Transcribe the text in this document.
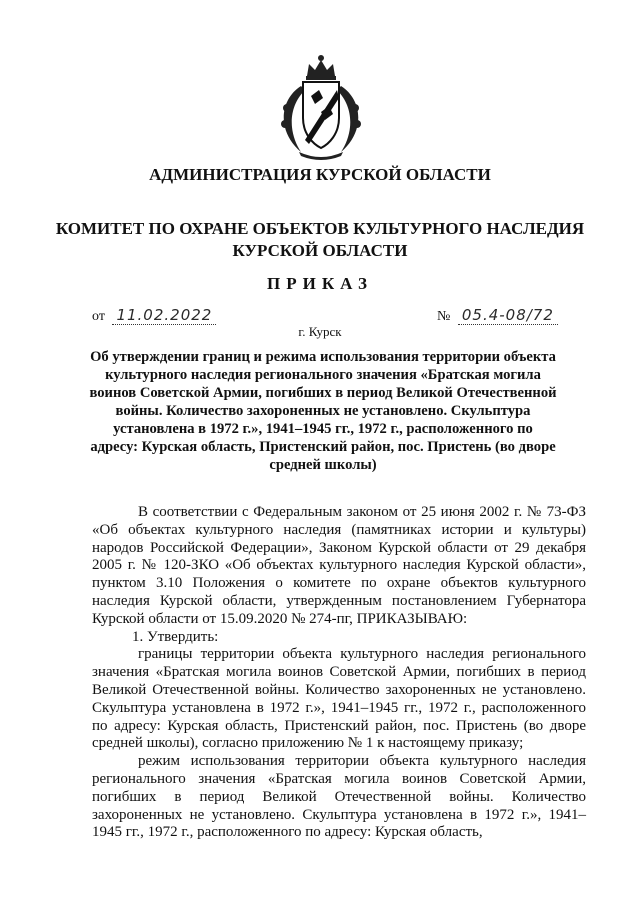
АДМИНИСТРАЦИЯ КУРСКОЙ ОБЛАСТИ
КОМИТЕТ ПО ОХРАНЕ ОБЪЕКТОВ КУЛЬТУРНОГО НАСЛЕДИЯ
КУРСКОЙ ОБЛАСТИ
ПРИКАЗ
от 11.02.2022	№ 05.4-08/72
г. Курск

Об утверждении границ и режима использования территории объекта культурного наследия регионального значения «Братская могила воинов Советской Армии, погибших в период Великой Отечественной войны. Количество захороненных не установлено. Скульптура установлена в 1972 г.», 1941–1945 гг., 1972 г., расположенного по адресу: Курская область, Пристенский район, пос. Пристень (во дворе средней школы)

В соответствии с Федеральным законом от 25 июня 2002 г. № 73-ФЗ «Об объектах культурного наследия (памятниках истории и культуры) народов Российской Федерации», Законом Курской области от 29 декабря 2005 г. № 120-ЗКО «Об объектах культурного наследия Курской области», пунктом 3.10 Положения о комитете по охране объектов культурного наследия Курской области, утвержденным постановлением Губернатора Курской области от 15.09.2020 № 274-пг, ПРИКАЗЫВАЮ:

1. Утвердить:

границы территории объекта культурного наследия регионального значения «Братская могила воинов Советской Армии, погибших в период Великой Отечественной войны. Количество захороненных не установлено. Скульптура установлена в 1972 г.», 1941–1945 гг., 1972 г., расположенного по адресу: Курская область, Пристенский район, пос. Пристень (во дворе средней школы), согласно приложению № 1 к настоящему приказу;

режим использования территории объекта культурного наследия регионального значения «Братская могила воинов Советской Армии, погибших в период Великой Отечественной войны. Количество захороненных не установлено. Скульптура установлена в 1972 г.», 1941–1945 гг., 1972 г., расположенного по адресу: Курская область,
